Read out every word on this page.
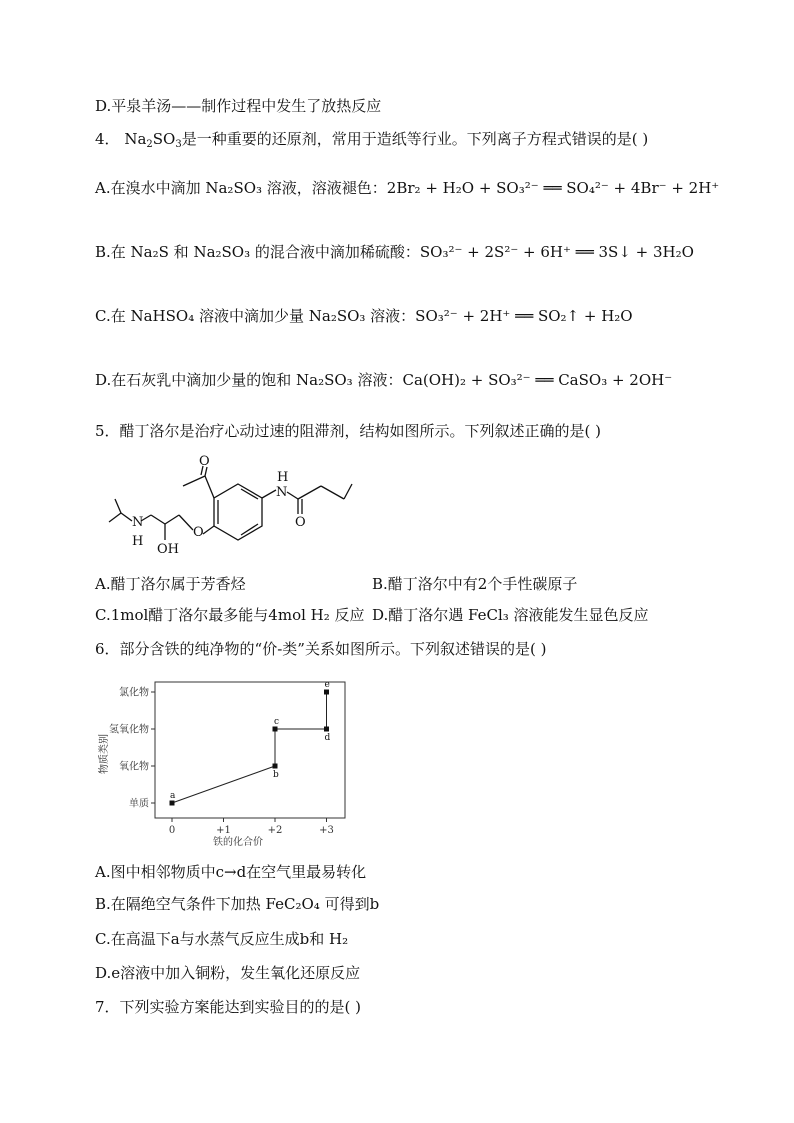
D.平泉羊汤——制作过程中发生了放热反应
4． $Na_2SO_3$是一种重要的还原剂，常用于造纸等行业。下列离子方程式错误的是( )
A.在溴水中滴加 Na₂SO₃ 溶液，溶液褪色：2Br₂ + H₂O + SO₃²⁻ ══ SO₄²⁻ + 4Br⁻ + 2H⁺
B.在 Na₂S 和 Na₂SO₃ 的混合液中滴加稀硫酸：SO₃²⁻ + 2S²⁻ + 6H⁺ ══ 3S↓ + 3H₂O
C.在 NaHSO₄ 溶液中滴加少量 Na₂SO₃ 溶液：SO₃²⁻ + 2H⁺ ══ SO₂↑ + H₂O
D.在石灰乳中滴加少量的饱和 Na₂SO₃ 溶液：Ca(OH)₂ + SO₃²⁻ ══ CaSO₃ + 2OH⁻
5．醋丁洛尔是治疗心动过速的阻滞剂，结构如图所示。下列叙述正确的是( )
O
N
H
O
O
N
H
OH
A.醋丁洛尔属于芳香烃	B.醋丁洛尔中有2个手性碳原子
C.1mol醋丁洛尔最多能与4mol H₂ 反应 D.醋丁洛尔遇 FeCl₃ 溶液能发生显色反应
6．部分含铁的纯净物的“价-类”关系如图所示。下列叙述错误的是( )
物质类别
铁的化合价
单质
氧化物
氢氧化物
氯化物
0	+1	+2	+3
a
b
c
d
e
A.图中相邻物质中c→d在空气里最易转化
B.在隔绝空气条件下加热 FeC₂O₄ 可得到b
C.在高温下a与水蒸气反应生成b和 H₂
D.e溶液中加入铜粉，发生氧化还原反应
7．下列实验方案能达到实验目的的是( )
